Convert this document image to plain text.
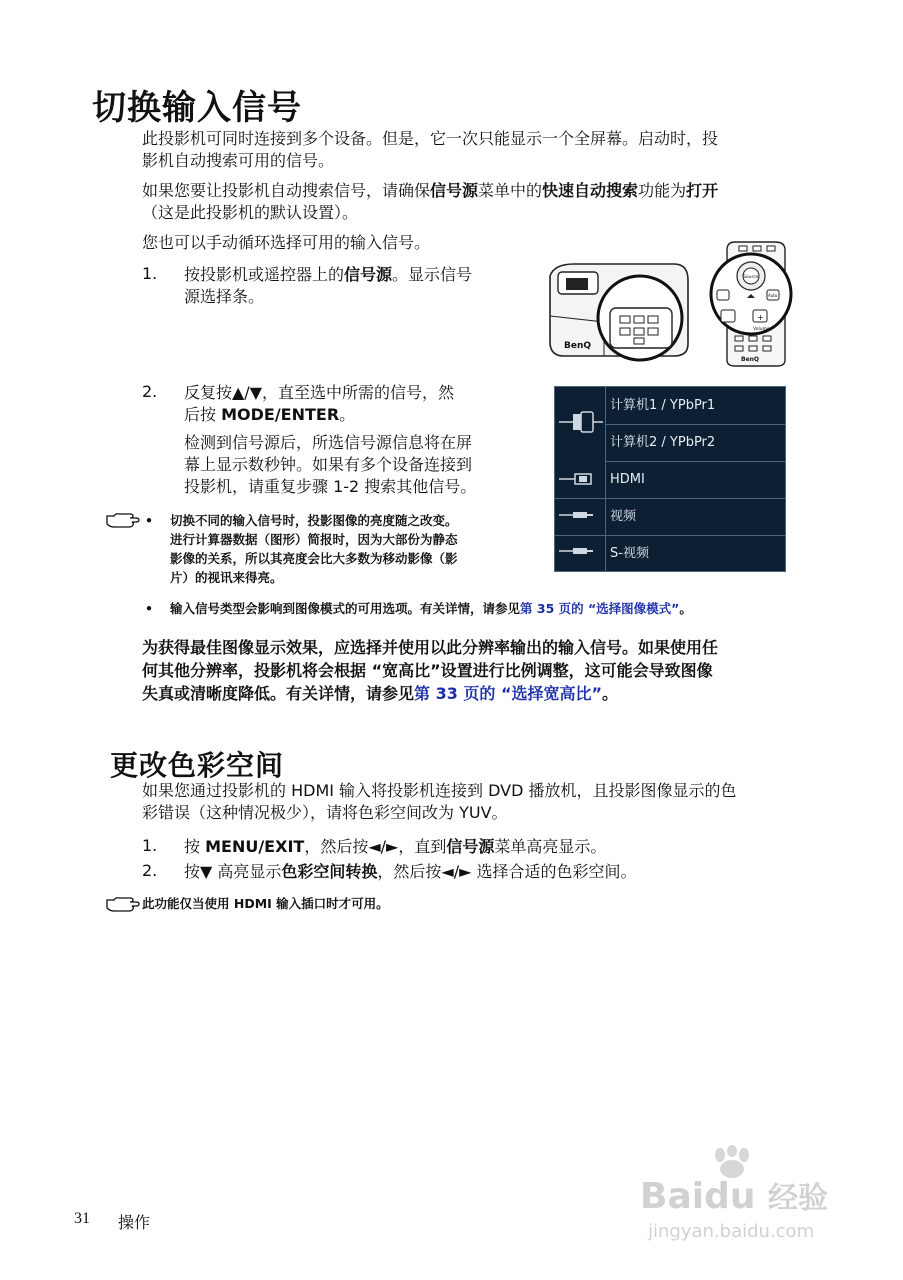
切换输入信号
此投影机可同时连接到多个设备。但是，它一次只能显示一个全屏幕。启动时，投
影机自动搜索可用的信号。
如果您要让投影机自动搜索信号，请确保信号源菜单中的快速自动搜索功能为打开
（这是此投影机的默认设置）。
您也可以手动循环选择可用的输入信号。
1. 按投影机或遥控器上的信号源。显示信号
源选择条。
BenQ
Source
Auto
+
Volume
BenQ
2. 反复按▲/▼，直至选中所需的信号，然
后按 MODE/ENTER。
检测到信号源后，所选信号源信息将在屏
幕上显示数秒钟。如果有多个设备连接到
投影机，请重复步骤 1-2 搜索其他信号。
计算机1 / YPbPr1
计算机2 / YPbPr2
HDMI
视频
S-视频
• 切换不同的输入信号时，投影图像的亮度随之改变。
进行计算器数据（图形）简报时，因为大部份为静态
影像的关系，所以其亮度会比大多数为移动影像（影
片）的视讯来得亮。
• 输入信号类型会影响到图像模式的可用选项。有关详情，请参见第 35 页的 “选择图像模式”。
为获得最佳图像显示效果，应选择并使用以此分辨率输出的输入信号。如果使用任
何其他分辨率，投影机将会根据 “宽高比”设置进行比例调整，这可能会导致图像
失真或清晰度降低。有关详情，请参见第 33 页的 “选择宽高比”。
更改色彩空间
如果您通过投影机的 HDMI 输入将投影机连接到 DVD 播放机，且投影图像显示的色
彩错误（这种情况极少），请将色彩空间改为 YUV。
1. 按 MENU/EXIT，然后按◄/►，直到信号源菜单高亮显示。
2. 按▼ 高亮显示色彩空间转换，然后按◄/► 选择合适的色彩空间。
此功能仅当使用 HDMI 输入插口时才可用。
31 操作
Baidu 经验
jingyan.baidu.com
